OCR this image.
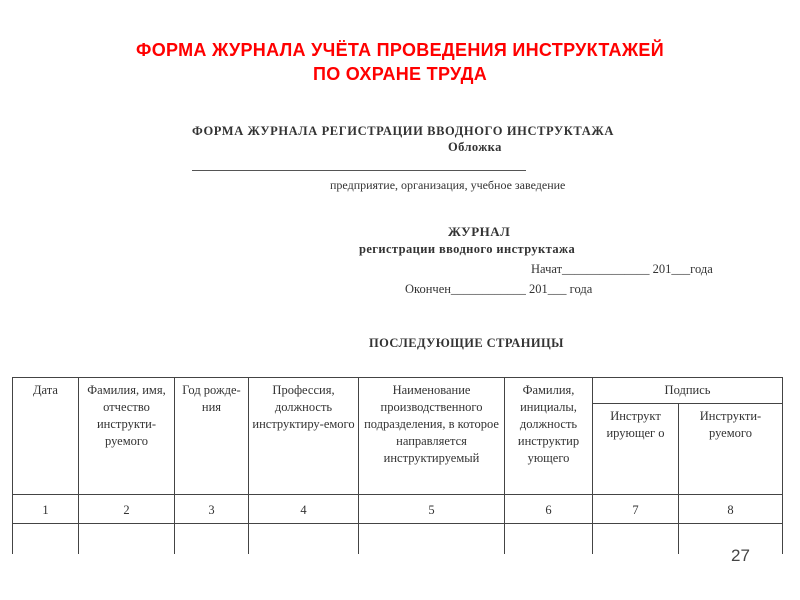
ФОРМА ЖУРНАЛА УЧЁТА ПРОВЕДЕНИЯ ИНСТРУКТАЖЕЙ
ПО ОХРАНЕ ТРУДА
ФОРМА ЖУРНАЛА РЕГИСТРАЦИИ ВВОДНОГО ИНСТРУКТАЖА
Обложка
предприятие, организация, учебное заведение
ЖУРНАЛ
регистрации вводного инструктажа
Начат______________ 201___года
Окончен____________ 201___ года
ПОСЛЕДУЮЩИЕ СТРАНИЦЫ
Дата	Фамилия, имя, отчество инструкти-руемого	Год рожде-ния	Профессия, должность инструктиру-емого	Наименование производственного подразделения, в которое направляется инструктируемый	Фамилия, инициалы, должность инструктир ующего	Подпись	
						Инструкт ирующег о	Инструкти-руемого
1	2	3	4	5	6	7	8

27
